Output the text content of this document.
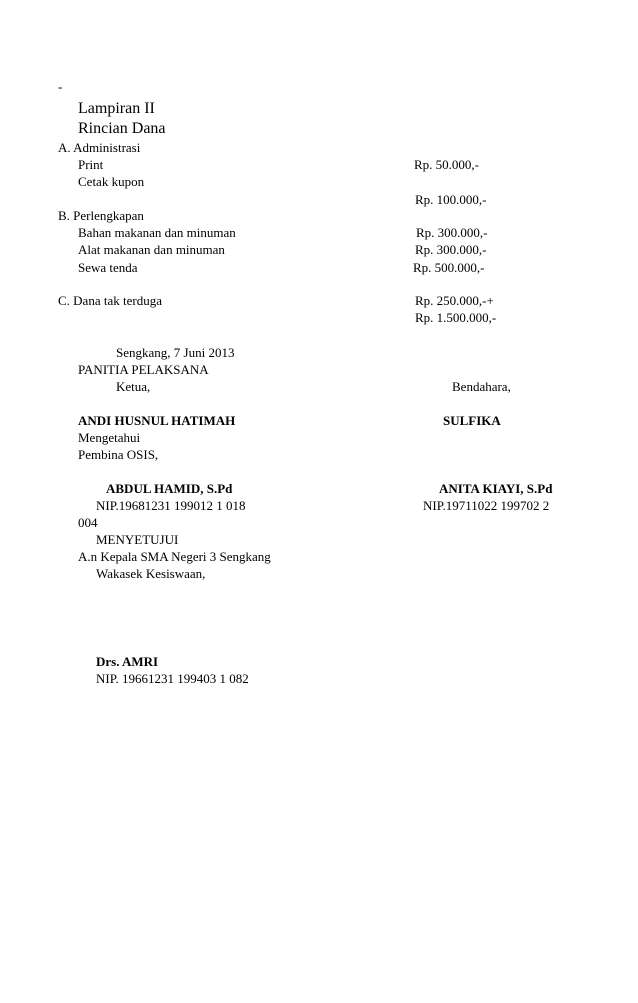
-
Lampiran II
Rincian Dana
A. Administrasi
Print	Rp. 50.000,-
Cetak kupon
Rp. 100.000,-
B. Perlengkapan
Bahan makanan dan minuman	Rp. 300.000,-
Alat makanan dan minuman	Rp. 300.000,-
Sewa tenda	Rp. 500.000,-
C. Dana tak terduga	Rp. 250.000,-+
Rp. 1.500.000,-
Sengkang, 7 Juni 2013
PANITIA PELAKSANA
Ketua,	Bendahara,
ANDI HUSNUL HATIMAH	SULFIKA
Mengetahui
Pembina OSIS,
ABDUL HAMID, S.Pd	ANITA KIAYI, S.Pd
NIP.19681231 199012 1 018	NIP.19711022 199702 2
004
MENYETUJUI
A.n Kepala SMA Negeri 3 Sengkang
Wakasek Kesiswaan,
Drs. AMRI
NIP. 19661231 199403 1 082
